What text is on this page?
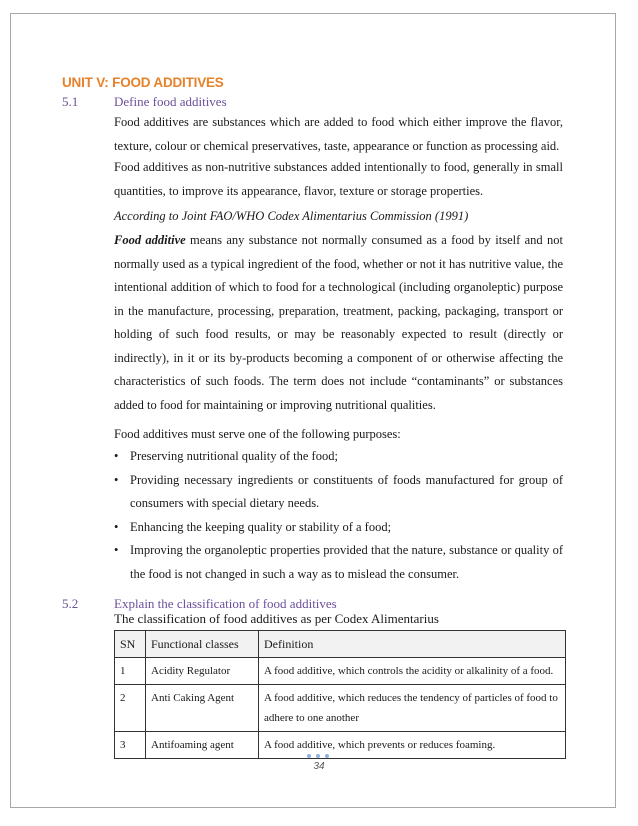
UNIT V: FOOD ADDITIVES
5.1	Define food additives

Food additives are substances which are added to food which either improve the flavor, texture, colour or chemical preservatives, taste, appearance or function as processing aid.

Food additives as non-nutritive substances added intentionally to food, generally in small quantities, to improve its appearance, flavor, texture or storage properties.

According to Joint FAO/WHO Codex Alimentarius Commission (1991)

Food additive means any substance not normally consumed as a food by itself and not normally used as a typical ingredient of the food, whether or not it has nutritive value, the intentional addition of which to food for a technological (including organoleptic) purpose in the manufacture, processing, preparation, treatment, packing, packaging, transport or holding of such food results, or may be reasonably expected to result (directly or indirectly), in it or its by-products becoming a component of or otherwise affecting the characteristics of such foods. The term does not include “contaminants” or substances added to food for maintaining or improving nutritional qualities.

Food additives must serve one of the following purposes:

• Preserving nutritional quality of the food;
• Providing necessary ingredients or constituents of foods manufactured for group of consumers with special dietary needs.
• Enhancing the keeping quality or stability of a food;
• Improving the organoleptic properties provided that the nature, substance or quality of the food is not changed in such a way as to mislead the consumer.
5.2	Explain the classification of food additives
The classification of food additives as per Codex Alimentarius
SN	Functional classes	Definition
1	Acidity Regulator	A food additive, which controls the acidity or alkalinity of a food.
2	Anti Caking Agent	A food additive, which reduces the tendency of particles of food to adhere to one another
3	Antifoaming agent	A food additive, which prevents or reduces foaming.
34
